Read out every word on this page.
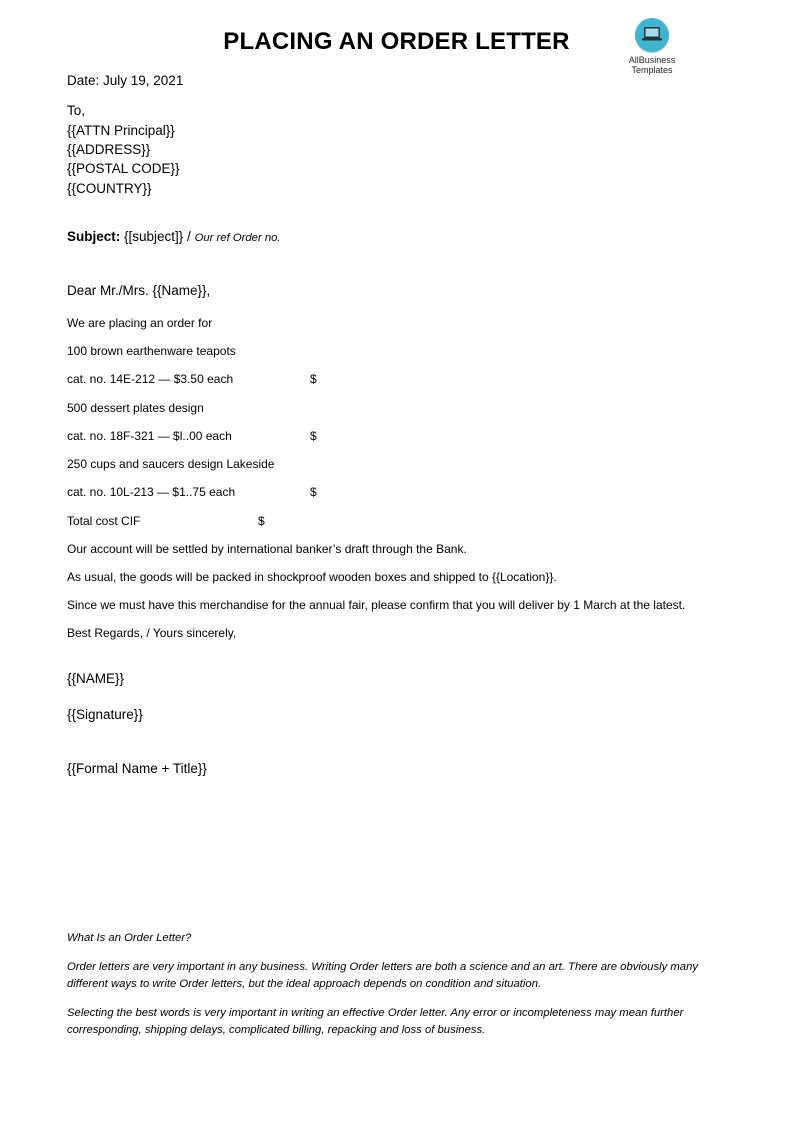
PLACING AN ORDER LETTER
AllBusiness
Templates
Date: July 19, 2021
To,
{{ATTN Principal}}
{{ADDRESS}}
{{POSTAL CODE}}
{{COUNTRY}}
Subject: {[subject]} / Our ref Order no.
Dear Mr./Mrs. {{Name}},
We are placing an order for
100 brown earthenware teapots
cat. no. 14E-212 — $3.50 each	$
500 dessert plates design
cat. no. 18F-321 — $l..00 each	$
250 cups and saucers design Lakeside
cat. no. 10L-213 — $1..75 each	$
Total cost CIF	$
Our account will be settled by international banker’s draft through the Bank.
As usual, the goods will be packed in shockproof wooden boxes and shipped to {{Location}}.
Since we must have this merchandise for the annual fair, please confirm that you will deliver by 1 March at the latest.
Best Regards, / Yours sincerely,
{{NAME}}
{{Signature}}
{{Formal Name + Title}}
What Is an Order Letter?
Order letters are very important in any business. Writing Order letters are both a science and an art. There are obviously many different ways to write Order letters, but the ideal approach depends on condition and situation.
Selecting the best words is very important in writing an effective Order letter. Any error or incompleteness may mean further corresponding, shipping delays, complicated billing, repacking and loss of business.
